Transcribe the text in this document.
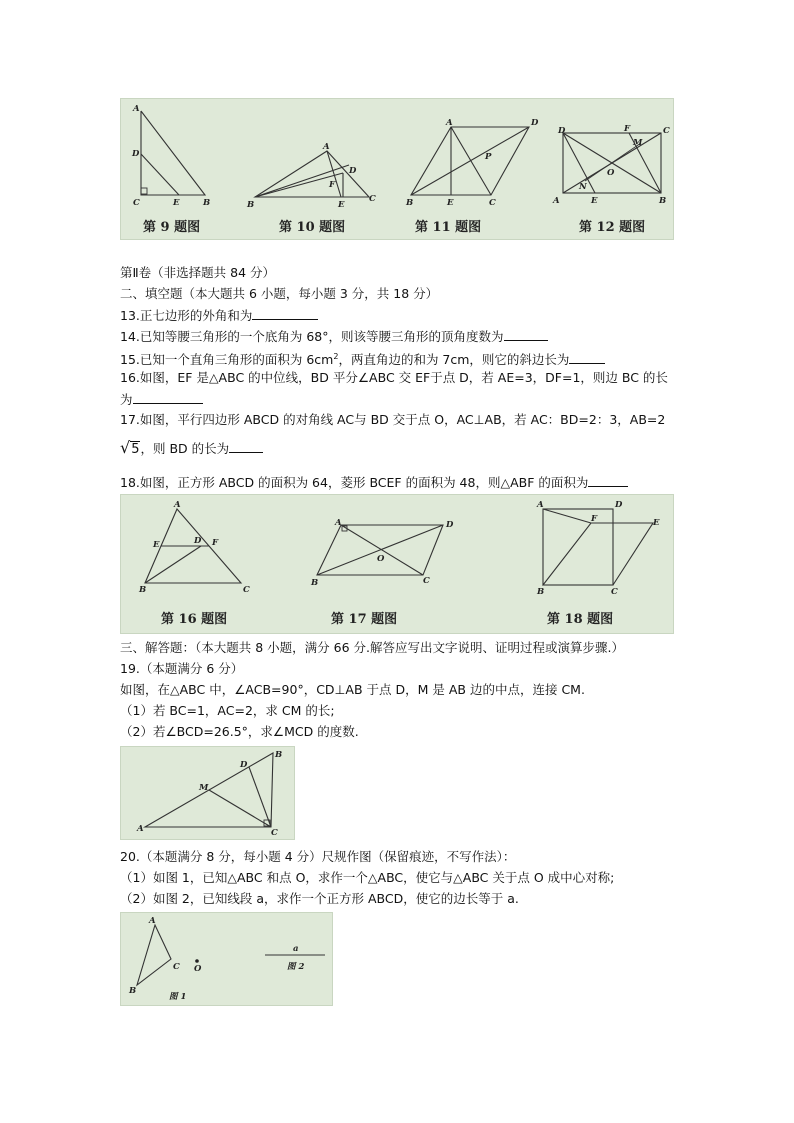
A
D
C	E	B
第 9 题图
A
D
F
B	E
C
第 10 题图
A	D
P
B	E	C
第 11 题图
D	F	C
M
O
N
A	E	B
第 12 题图
第Ⅱ卷（非选择题共 84 分）
二、填空题（本大题共 6 小题，每小题 3 分，共 18 分）
13.正七边形的外角和为
14.已知等腰三角形的一个底角为 68°，则该等腰三角形的顶角度数为
15.已知一个直角三角形的面积为 $6cm^2$，两直角边的和为 7cm，则它的斜边长为
16.如图，EF 是△ABC 的中位线，BD 平分∠ABC 交 EF于点 D，若 AE=3，DF=1，则边 BC 的长
为
17.如图，平行四边形 ABCD 的对角线 AC与 BD 交于点 O，AC⊥AB，若 AC：BD=2：3，AB=2
√5，则 BD 的长为
18.如图，正方形 ABCD 的面积为 64，菱形 BCEF 的面积为 48，则△ABF 的面积为
A
E	D F
B	C
第 16 题图
A	D
O
B	C
第 17 题图
A	D
F	E
B	C
第 18 题图
三、解答题：（本大题共 8 小题，满分 66 分.解答应写出文字说明、证明过程或演算步骤.）
19.（本题满分 6 分）
如图，在△ABC 中，∠ACB=90°，CD⊥AB 于点 D，M 是 AB 边的中点，连接 CM.
（1）若 BC=1，AC=2，求 CM 的长;
（2）若∠BCD=26.5°，求∠MCD 的度数.
D
B
M
A	C
20.（本题满分 8 分，每小题 4 分）尺规作图（保留痕迹，不写作法）：
（1）如图 1，已知△ABC 和点 O，求作一个△ABC，使它与△ABC 关于点 O 成中心对称;
（2）如图 2，已知线段 a，求作一个正方形 ABCD，使它的边长等于 a.
A
C O
B
a
图 1
图 2
